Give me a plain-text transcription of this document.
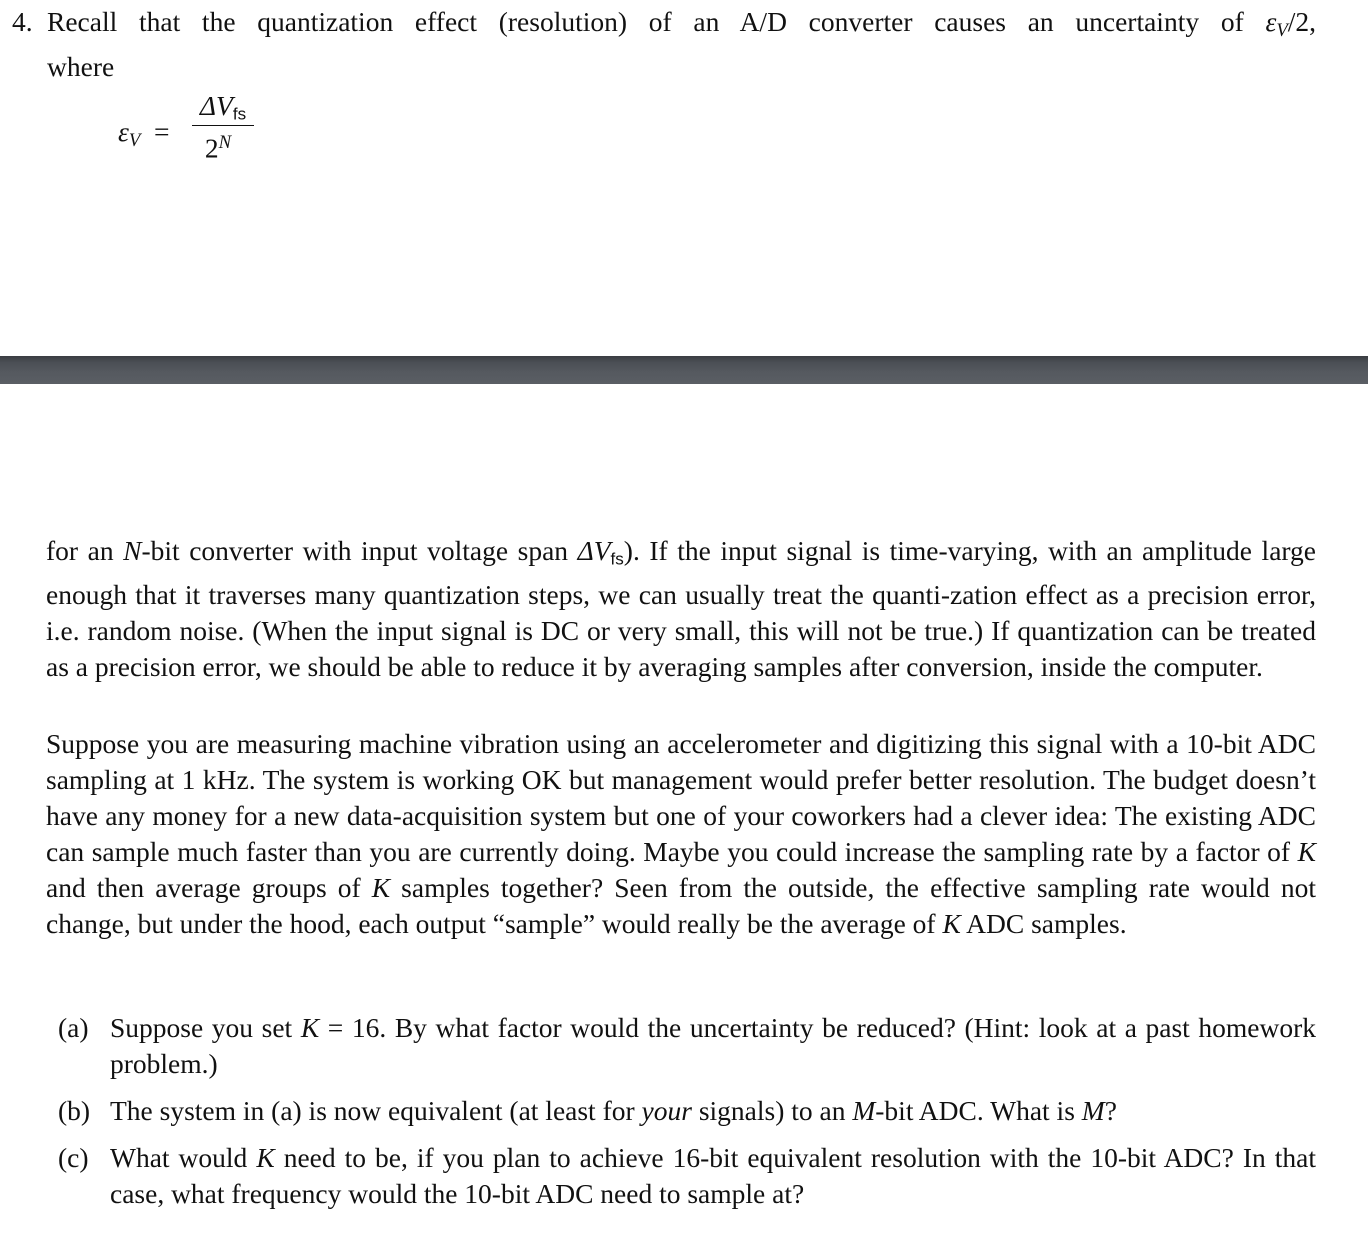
4. Recall that the quantization effect (resolution) of an A/D converter causes an uncertainty of εV/2,
where
εV =
ΔVfs
$2^N$

for an N-bit converter with input voltage span ΔVfs). If the input signal is time-varying, with an amplitude large enough that it traverses many quantization steps, we can usually treat the quanti-zation effect as a precision error, i.e. random noise. (When the input signal is DC or very small, this will not be true.) If quantization can be treated as a precision error, we should be able to reduce it by averaging samples after conversion, inside the computer.

Suppose you are measuring machine vibration using an accelerometer and digitizing this signal with a 10-bit ADC sampling at 1 kHz. The system is working OK but management would prefer better resolution. The budget doesn’t have any money for a new data-acquisition system but one of your coworkers had a clever idea: The existing ADC can sample much faster than you are currently doing. Maybe you could increase the sampling rate by a factor of K and then average groups of K samples together? Seen from the outside, the effective sampling rate would not change, but under the hood, each output “sample” would really be the average of K ADC samples.

(a) Suppose you set K = 16. By what factor would the uncertainty be reduced? (Hint: look at a past homework problem.)
(b) The system in (a) is now equivalent (at least for your signals) to an M-bit ADC. What is M?
(c) What would K need to be, if you plan to achieve 16-bit equivalent resolution with the 10-bit ADC? In that case, what frequency would the 10-bit ADC need to sample at?
